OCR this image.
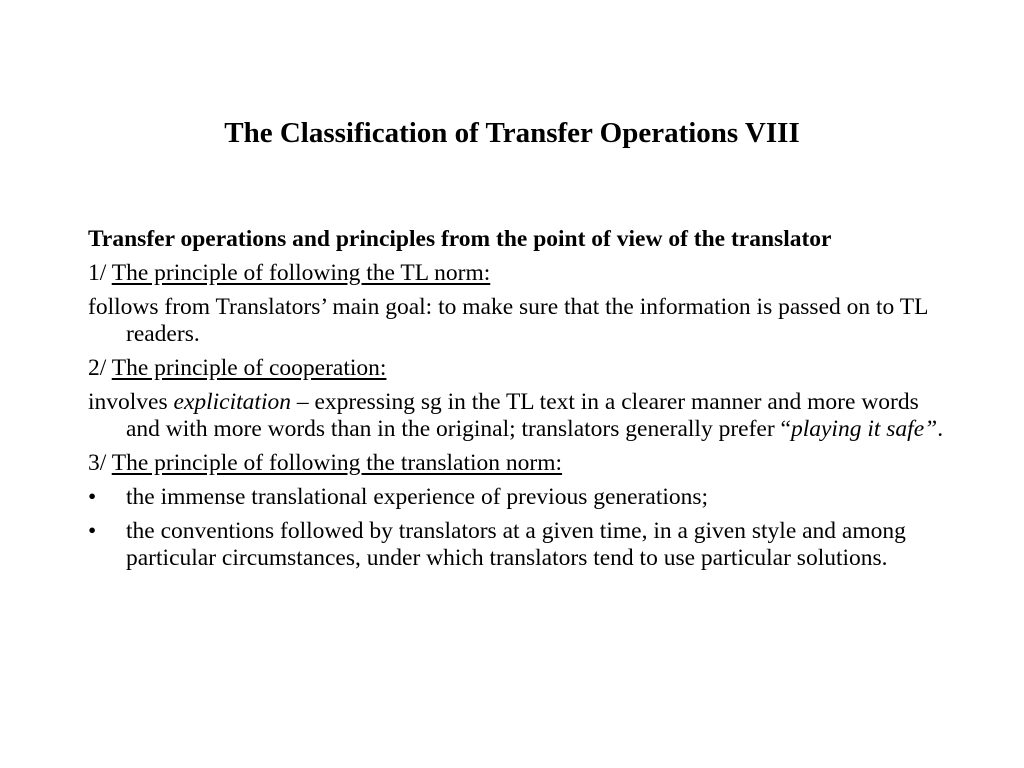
The Classification of Transfer Operations VIII

Transfer operations and principles from the point of view of the translator

1/ The principle of following the TL norm:

follows from Translators’ main goal: to make sure that the information is passed on to TL readers.

2/ The principle of cooperation:

involves explicitation – expressing sg in the TL text in a clearer manner and more words and with more words than in the original; translators generally prefer “playing it safe”.

3/ The principle of following the translation norm:

•	the immense translational experience of previous generations;
•	the conventions followed by translators at a given time, in a given style and among particular circumstances, under which translators tend to use particular solutions.
